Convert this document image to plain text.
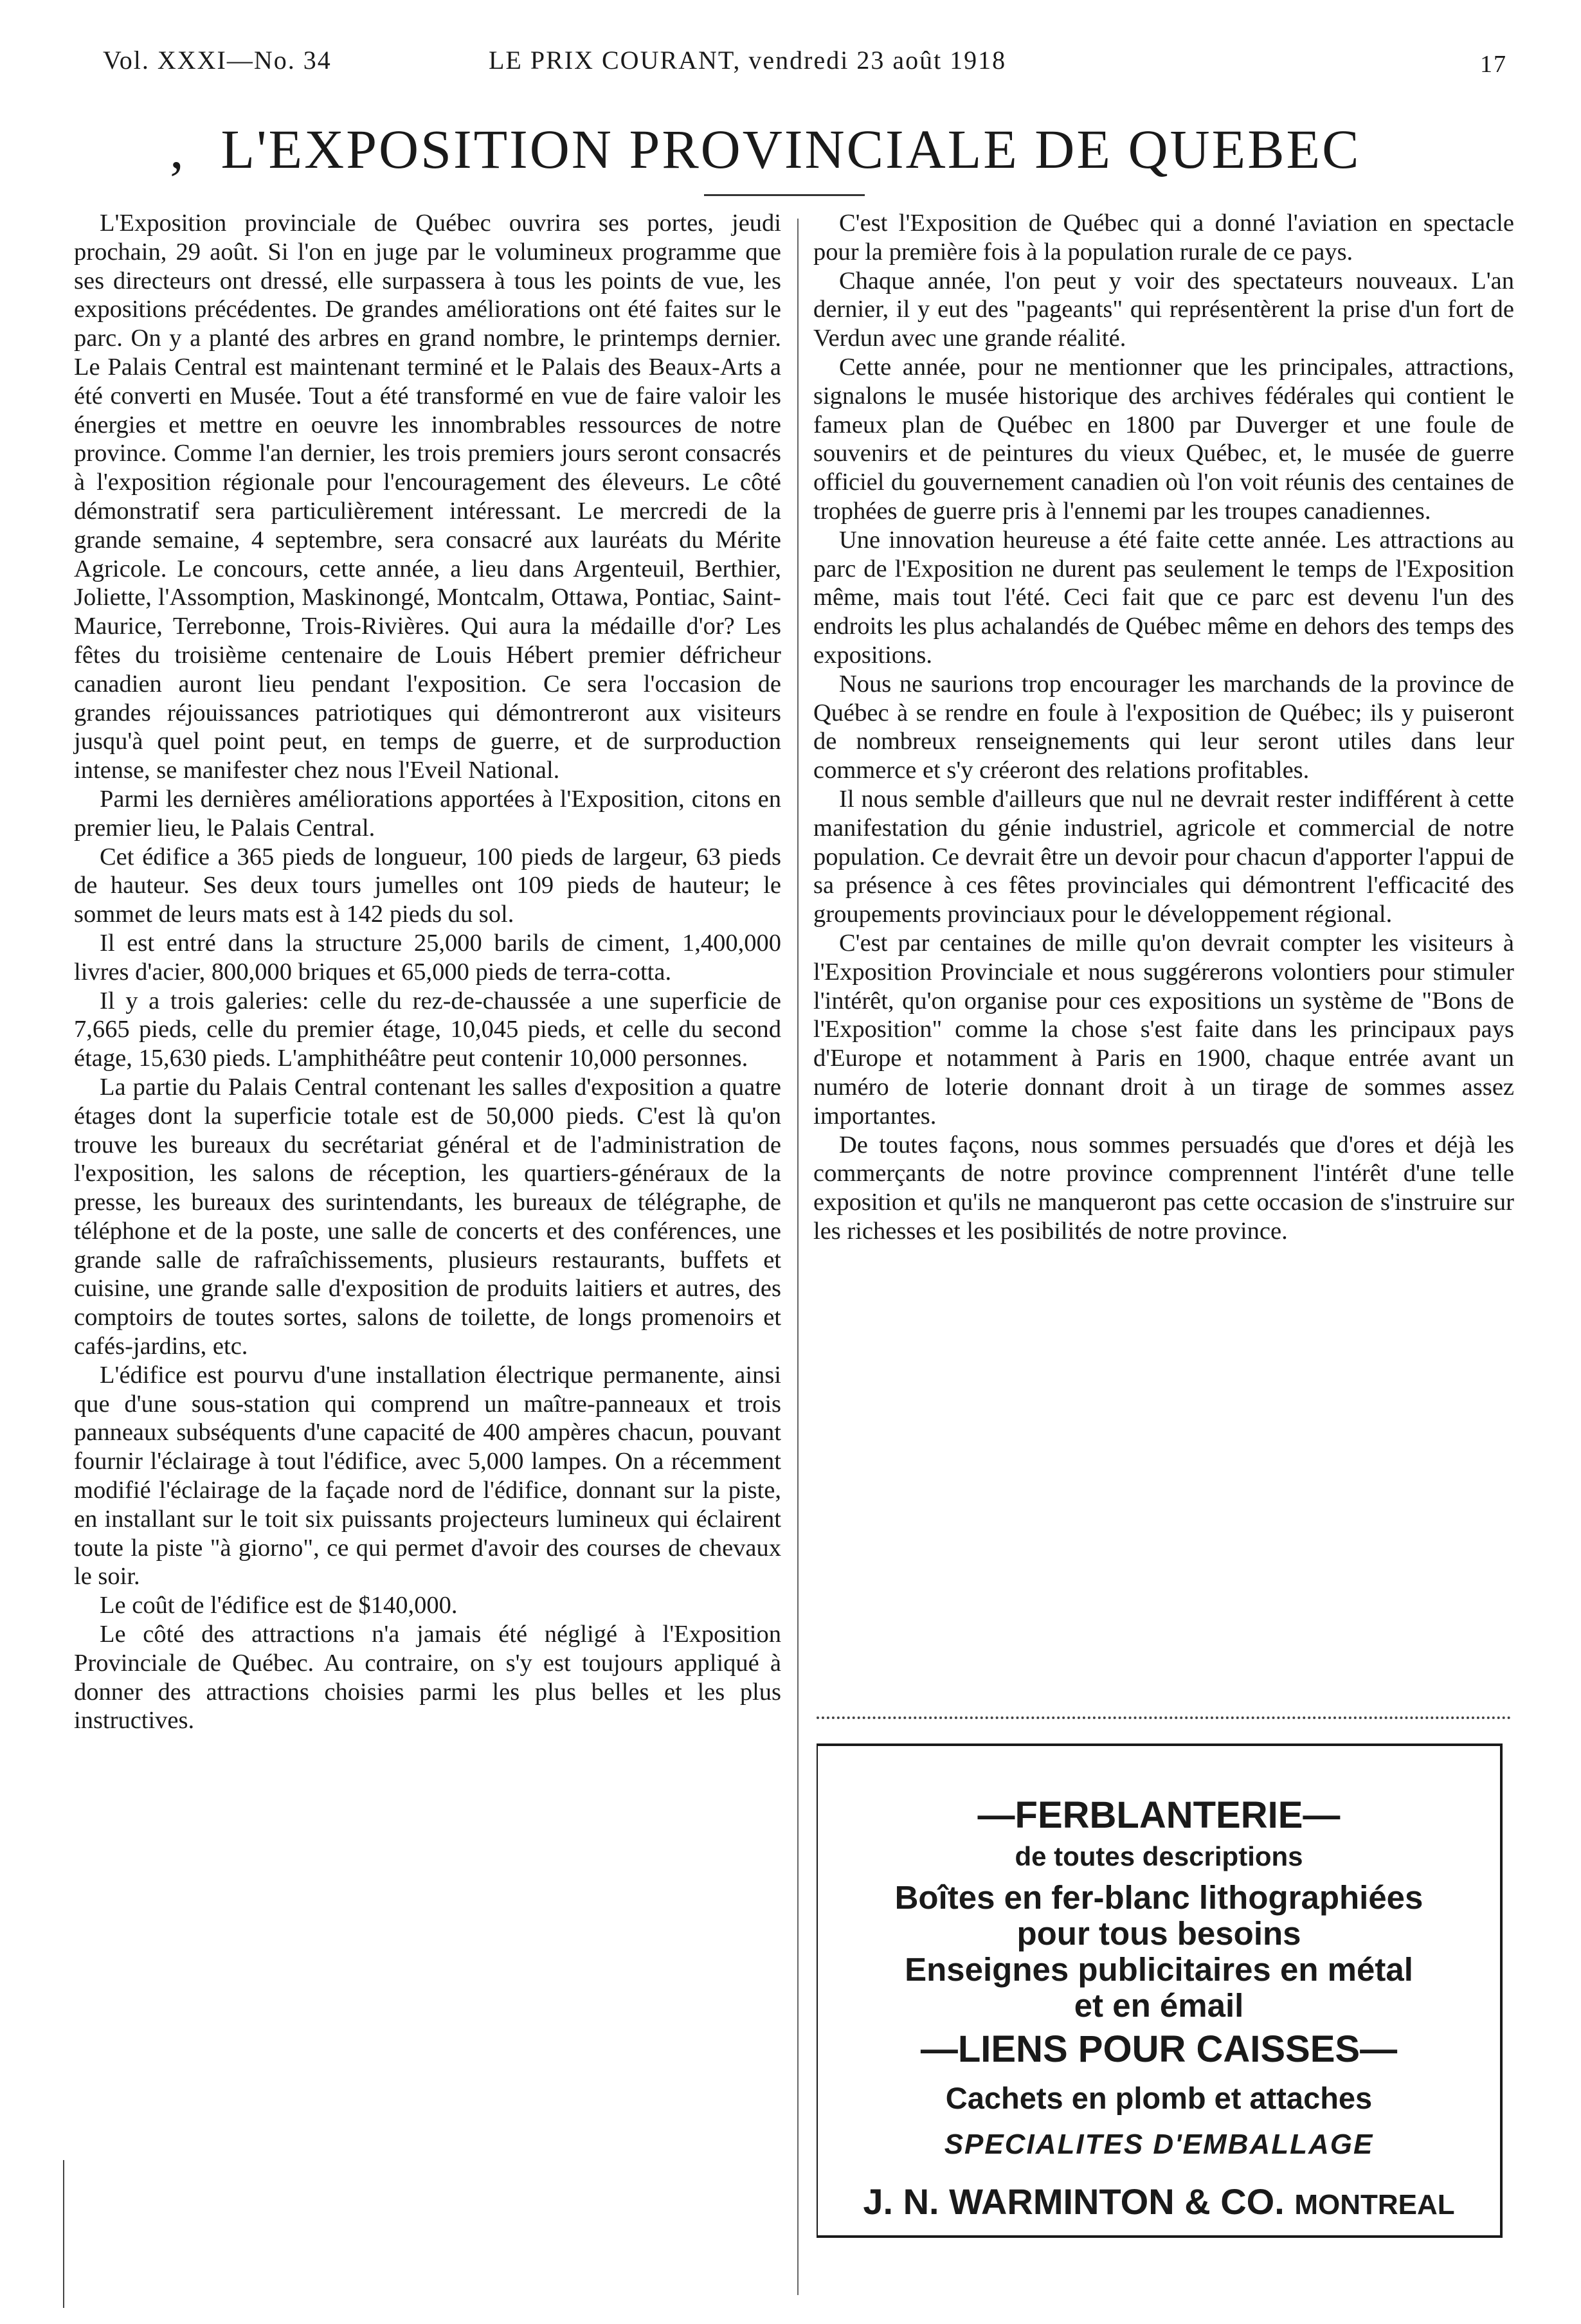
Vol. XXXI—No. 34	LE PRIX COURANT, vendredi 23 août 1918	17
‚ L'EXPOSITION PROVINCIALE DE QUEBEC

L'Exposition provinciale de Québec ouvrira ses portes, jeudi prochain, 29 août. Si l'on en juge par le volumineux programme que ses directeurs ont dressé, elle surpassera à tous les points de vue, les expositions précédentes. De grandes améliorations ont été faites sur le parc. On y a planté des arbres en grand nombre, le printemps dernier. Le Palais Central est maintenant terminé et le Palais des Beaux-Arts a été converti en Musée. Tout a été transformé en vue de faire valoir les énergies et mettre en oeuvre les innombrables ressources de notre province. Comme l'an dernier, les trois premiers jours seront consacrés à l'exposition régionale pour l'encouragement des éleveurs. Le côté démonstratif sera particulièrement intéressant. Le mercredi de la grande semaine, 4 septembre, sera consacré aux lauréats du Mérite Agricole. Le concours, cette année, a lieu dans Argenteuil, Berthier, Joliette, l'Assomption, Maskinongé, Montcalm, Ottawa, Pontiac, Saint-Maurice, Terrebonne, Trois-Rivières. Qui aura la médaille d'or? Les fêtes du troisième centenaire de Louis Hébert premier défricheur canadien auront lieu pendant l'exposition. Ce sera l'occasion de grandes réjouissances patriotiques qui démontreront aux visiteurs jusqu'à quel point peut, en temps de guerre, et de surproduction intense, se manifester chez nous l'Eveil National.

Parmi les dernières améliorations apportées à l'Exposition, citons en premier lieu, le Palais Central.

Cet édifice a 365 pieds de longueur, 100 pieds de largeur, 63 pieds de hauteur. Ses deux tours jumelles ont 109 pieds de hauteur; le sommet de leurs mats est à 142 pieds du sol.

Il est entré dans la structure 25,000 barils de ciment, 1,400,000 livres d'acier, 800,000 briques et 65,000 pieds de terra-cotta.

Il y a trois galeries: celle du rez-de-chaussée a une superficie de 7,665 pieds, celle du premier étage, 10,045 pieds, et celle du second étage, 15,630 pieds. L'amphithéâtre peut contenir 10,000 personnes.

La partie du Palais Central contenant les salles d'exposition a quatre étages dont la superficie totale est de 50,000 pieds. C'est là qu'on trouve les bureaux du secrétariat général et de l'administration de l'exposition, les salons de réception, les quartiers-généraux de la presse, les bureaux des surintendants, les bureaux de télégraphe, de téléphone et de la poste, une salle de concerts et des conférences, une grande salle de rafraîchissements, plusieurs restaurants, buffets et cuisine, une grande salle d'exposition de produits laitiers et autres, des comptoirs de toutes sortes, salons de toilette, de longs promenoirs et cafés-jardins, etc.

L'édifice est pourvu d'une installation électrique permanente, ainsi que d'une sous-station qui comprend un maître-panneaux et trois panneaux subséquents d'une capacité de 400 ampères chacun, pouvant fournir l'éclairage à tout l'édifice, avec 5,000 lampes. On a récemment modifié l'éclairage de la façade nord de l'édifice, donnant sur la piste, en installant sur le toit six puissants projecteurs lumineux qui éclairent toute la piste "à giorno", ce qui permet d'avoir des courses de chevaux le soir.

Le coût de l'édifice est de $140,000.

Le côté des attractions n'a jamais été négligé à l'Exposition Provinciale de Québec. Au contraire, on s'y est toujours appliqué à donner des attractions choisies parmi les plus belles et les plus instructives.

C'est l'Exposition de Québec qui a donné l'aviation en spectacle pour la première fois à la population rurale de ce pays.

Chaque année, l'on peut y voir des spectateurs nouveaux. L'an dernier, il y eut des "pageants" qui représentèrent la prise d'un fort de Verdun avec une grande réalité.

Cette année, pour ne mentionner que les principales, attractions, signalons le musée historique des archives fédérales qui contient le fameux plan de Québec en 1800 par Duverger et une foule de souvenirs et de peintures du vieux Québec, et, le musée de guerre officiel du gouvernement canadien où l'on voit réunis des centaines de trophées de guerre pris à l'ennemi par les troupes canadiennes.

Une innovation heureuse a été faite cette année. Les attractions au parc de l'Exposition ne durent pas seulement le temps de l'Exposition même, mais tout l'été. Ceci fait que ce parc est devenu l'un des endroits les plus achalandés de Québec même en dehors des temps des expositions.

Nous ne saurions trop encourager les marchands de la province de Québec à se rendre en foule à l'exposition de Québec; ils y puiseront de nombreux renseignements qui leur seront utiles dans leur commerce et s'y créeront des relations profitables.

Il nous semble d'ailleurs que nul ne devrait rester indifférent à cette manifestation du génie industriel, agricole et commercial de notre population. Ce devrait être un devoir pour chacun d'apporter l'appui de sa présence à ces fêtes provinciales qui démontrent l'efficacité des groupements provinciaux pour le développement régional.

C'est par centaines de mille qu'on devrait compter les visiteurs à l'Exposition Provinciale et nous suggérerons volontiers pour stimuler l'intérêt, qu'on organise pour ces expositions un système de "Bons de l'Exposition" comme la chose s'est faite dans les principaux pays d'Europe et notamment à Paris en 1900, chaque entrée avant un numéro de loterie donnant droit à un tirage de sommes assez importantes.

De toutes façons, nous sommes persuadés que d'ores et déjà les commerçants de notre province comprennent l'intérêt d'une telle exposition et qu'ils ne manqueront pas cette occasion de s'instruire sur les richesses et les posibilités de notre province.

—FERBLANTERIE—
de toutes descriptions
Boîtes en fer-blanc lithographiées
pour tous besoins
Enseignes publicitaires en métal
et en émail
—LIENS POUR CAISSES—
Cachets en plomb et attaches
SPECIALITES D'EMBALLAGE
J. N. WARMINTON & CO. MONTREAL
